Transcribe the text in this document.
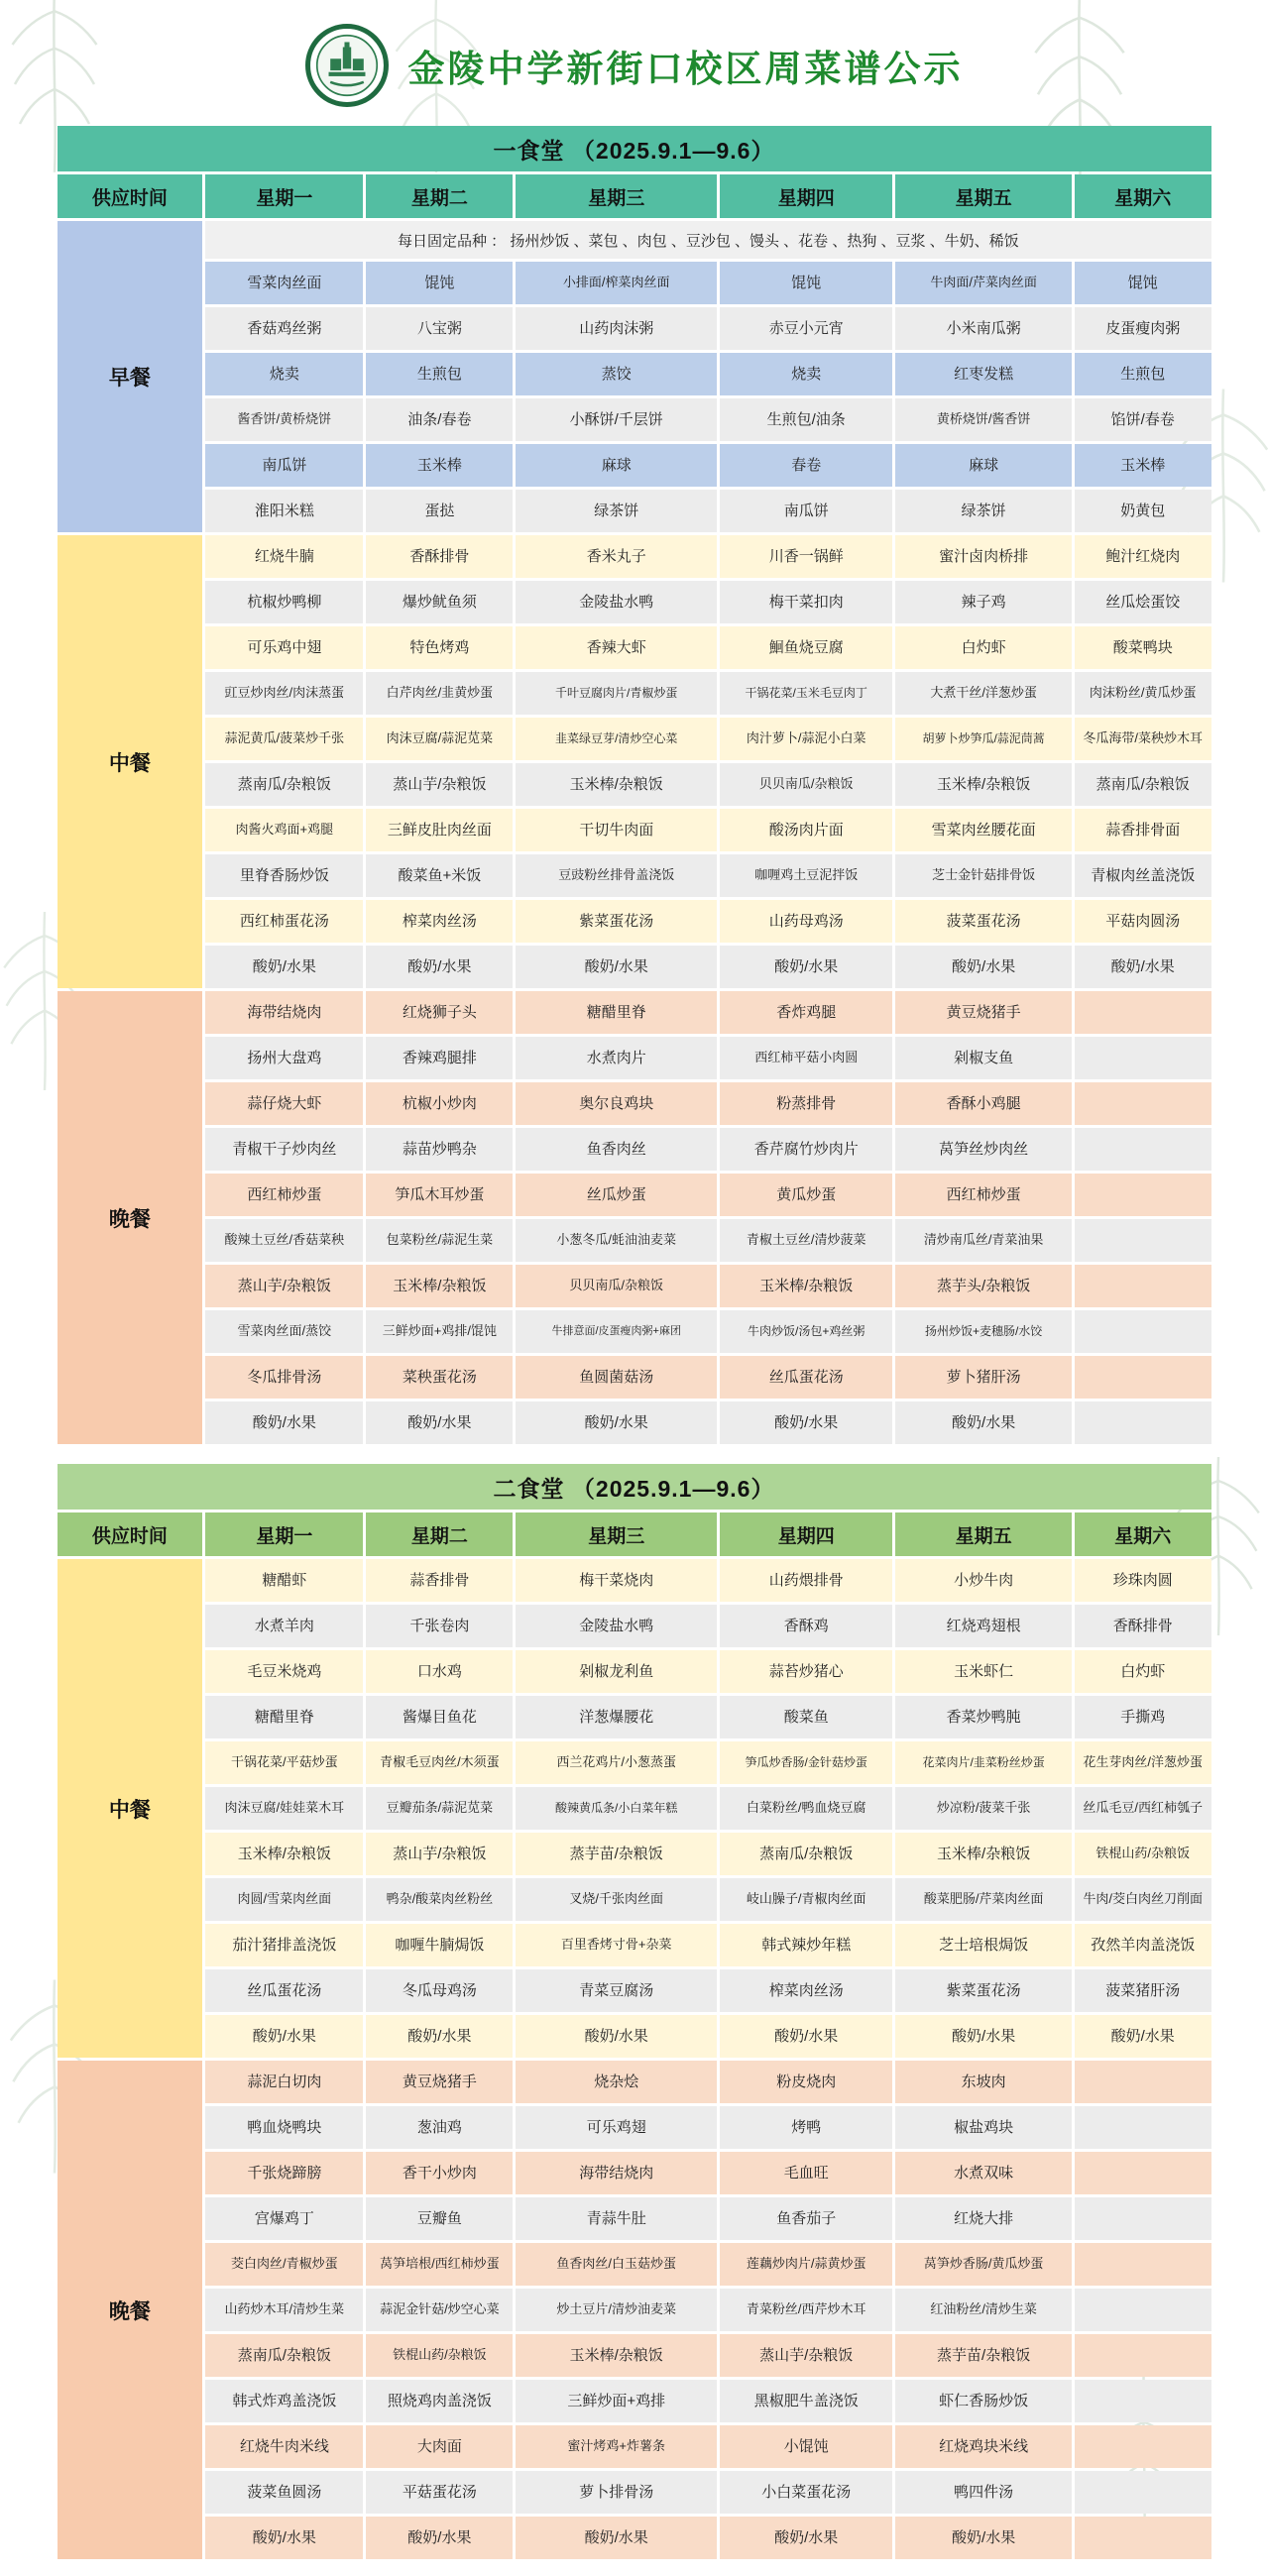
金陵中学新街口校区周菜谱公示
一食堂 （2025.9.1—9.6）						
供应时间	星期一	星期二	星期三	星期四	星期五	星期六
早餐	每日固定品种 ： 扬州炒饭 、菜包 、肉包 、豆沙包 、馒头 、花卷 、热狗 、豆浆 、牛奶、稀饭					
	雪菜肉丝面	馄饨	小排面/榨菜肉丝面	馄饨	牛肉面/芹菜肉丝面	馄饨
	香菇鸡丝粥	八宝粥	山药肉沫粥	赤豆小元宵	小米南瓜粥	皮蛋瘦肉粥
	烧卖	生煎包	蒸饺	烧卖	红枣发糕	生煎包
	酱香饼/黄桥烧饼	油条/春卷	小酥饼/千层饼	生煎包/油条	黄桥烧饼/酱香饼	馅饼/春卷
	南瓜饼	玉米棒	麻球	春卷	麻球	玉米棒
	淮阳米糕	蛋挞	绿茶饼	南瓜饼	绿茶饼	奶黄包
中餐	红烧牛腩	香酥排骨	香米丸子	川香一锅鲜	蜜汁卤肉桥排	鲍汁红烧肉
	杭椒炒鸭柳	爆炒鱿鱼须	金陵盐水鸭	梅干菜扣肉	辣子鸡	丝瓜烩蛋饺
	可乐鸡中翅	特色烤鸡	香辣大虾	鮰鱼烧豆腐	白灼虾	酸菜鸭块
	豇豆炒肉丝/肉沫蒸蛋	白芹肉丝/韭黄炒蛋	千叶豆腐肉片/青椒炒蛋	干锅花菜/玉米毛豆肉丁	大煮干丝/洋葱炒蛋	肉沫粉丝/黄瓜炒蛋
	蒜泥黄瓜/菠菜炒千张	肉沫豆腐/蒜泥苋菜	韭菜绿豆芽/清炒空心菜	肉汁萝卜/蒜泥小白菜	胡萝卜炒笋瓜/蒜泥茼蒿	冬瓜海带/菜秧炒木耳
	蒸南瓜/杂粮饭	蒸山芋/杂粮饭	玉米棒/杂粮饭	贝贝南瓜/杂粮饭	玉米棒/杂粮饭	蒸南瓜/杂粮饭
	肉酱火鸡面+鸡腿	三鲜皮肚肉丝面	干切牛肉面	酸汤肉片面	雪菜肉丝腰花面	蒜香排骨面
	里脊香肠炒饭	酸菜鱼+米饭	豆豉粉丝排骨盖浇饭	咖喱鸡土豆泥拌饭	芝士金针菇排骨饭	青椒肉丝盖浇饭
	西红柿蛋花汤	榨菜肉丝汤	紫菜蛋花汤	山药母鸡汤	菠菜蛋花汤	平菇肉圆汤
	酸奶/水果	酸奶/水果	酸奶/水果	酸奶/水果	酸奶/水果	酸奶/水果
晚餐	海带结烧肉	红烧狮子头	糖醋里脊	香炸鸡腿	黄豆烧猪手	
	扬州大盘鸡	香辣鸡腿排	水煮肉片	西红柿平菇小肉圆	剁椒支鱼	
	蒜仔烧大虾	杭椒小炒肉	奥尔良鸡块	粉蒸排骨	香酥小鸡腿	
	青椒干子炒肉丝	蒜苗炒鸭杂	鱼香肉丝	香芹腐竹炒肉片	莴笋丝炒肉丝	
	西红柿炒蛋	笋瓜木耳炒蛋	丝瓜炒蛋	黄瓜炒蛋	西红柿炒蛋	
	酸辣土豆丝/香菇菜秧	包菜粉丝/蒜泥生菜	小葱冬瓜/蚝油油麦菜	青椒土豆丝/清炒菠菜	清炒南瓜丝/青菜油果	
	蒸山芋/杂粮饭	玉米棒/杂粮饭	贝贝南瓜/杂粮饭	玉米棒/杂粮饭	蒸芋头/杂粮饭	
	雪菜肉丝面/蒸饺	三鲜炒面+鸡排/馄饨	牛排意面/皮蛋瘦肉粥+麻团	牛肉炒饭/汤包+鸡丝粥	扬州炒饭+麦穗肠/水饺	
	冬瓜排骨汤	菜秧蛋花汤	鱼圆菌菇汤	丝瓜蛋花汤	萝卜猪肝汤	
	酸奶/水果	酸奶/水果	酸奶/水果	酸奶/水果	酸奶/水果	
二食堂 （2025.9.1—9.6）						
供应时间	星期一	星期二	星期三	星期四	星期五	星期六
中餐	糖醋虾	蒜香排骨	梅干菜烧肉	山药煨排骨	小炒牛肉	珍珠肉圆
	水煮羊肉	千张卷肉	金陵盐水鸭	香酥鸡	红烧鸡翅根	香酥排骨
	毛豆米烧鸡	口水鸡	剁椒龙利鱼	蒜苔炒猪心	玉米虾仁	白灼虾
	糖醋里脊	酱爆目鱼花	洋葱爆腰花	酸菜鱼	香菜炒鸭肫	手撕鸡
	干锅花菜/平菇炒蛋	青椒毛豆肉丝/木须蛋	西兰花鸡片/小葱蒸蛋	笋瓜炒香肠/金针菇炒蛋	花菜肉片/韭菜粉丝炒蛋	花生芽肉丝/洋葱炒蛋
	肉沫豆腐/娃娃菜木耳	豆瓣茄条/蒜泥苋菜	酸辣黄瓜条/小白菜年糕	白菜粉丝/鸭血烧豆腐	炒凉粉/菠菜千张	丝瓜毛豆/西红柿瓠子
	玉米棒/杂粮饭	蒸山芋/杂粮饭	蒸芋苗/杂粮饭	蒸南瓜/杂粮饭	玉米棒/杂粮饭	铁棍山药/杂粮饭
	肉圆/雪菜肉丝面	鸭杂/酸菜肉丝粉丝	叉烧/千张肉丝面	岐山臊子/青椒肉丝面	酸菜肥肠/芹菜肉丝面	牛肉/茭白肉丝刀削面
	茄汁猪排盖浇饭	咖喱牛腩焗饭	百里香烤寸骨+杂菜	韩式辣炒年糕	芝士培根焗饭	孜然羊肉盖浇饭
	丝瓜蛋花汤	冬瓜母鸡汤	青菜豆腐汤	榨菜肉丝汤	紫菜蛋花汤	菠菜猪肝汤
	酸奶/水果	酸奶/水果	酸奶/水果	酸奶/水果	酸奶/水果	酸奶/水果
晚餐	蒜泥白切肉	黄豆烧猪手	烧杂烩	粉皮烧肉	东坡肉	
	鸭血烧鸭块	葱油鸡	可乐鸡翅	烤鸭	椒盐鸡块	
	千张烧蹄膀	香干小炒肉	海带结烧肉	毛血旺	水煮双味	
	宫爆鸡丁	豆瓣鱼	青蒜牛肚	鱼香茄子	红烧大排	
	茭白肉丝/青椒炒蛋	莴笋培根/西红柿炒蛋	鱼香肉丝/白玉菇炒蛋	莲藕炒肉片/蒜黄炒蛋	莴笋炒香肠/黄瓜炒蛋	
	山药炒木耳/清炒生菜	蒜泥金针菇/炒空心菜	炒土豆片/清炒油麦菜	青菜粉丝/西芹炒木耳	红油粉丝/清炒生菜	
	蒸南瓜/杂粮饭	铁棍山药/杂粮饭	玉米棒/杂粮饭	蒸山芋/杂粮饭	蒸芋苗/杂粮饭	
	韩式炸鸡盖浇饭	照烧鸡肉盖浇饭	三鲜炒面+鸡排	黑椒肥牛盖浇饭	虾仁香肠炒饭	
	红烧牛肉米线	大肉面	蜜汁烤鸡+炸薯条	小馄饨	红烧鸡块米线	
	菠菜鱼圆汤	平菇蛋花汤	萝卜排骨汤	小白菜蛋花汤	鸭四件汤	
	酸奶/水果	酸奶/水果	酸奶/水果	酸奶/水果	酸奶/水果	
